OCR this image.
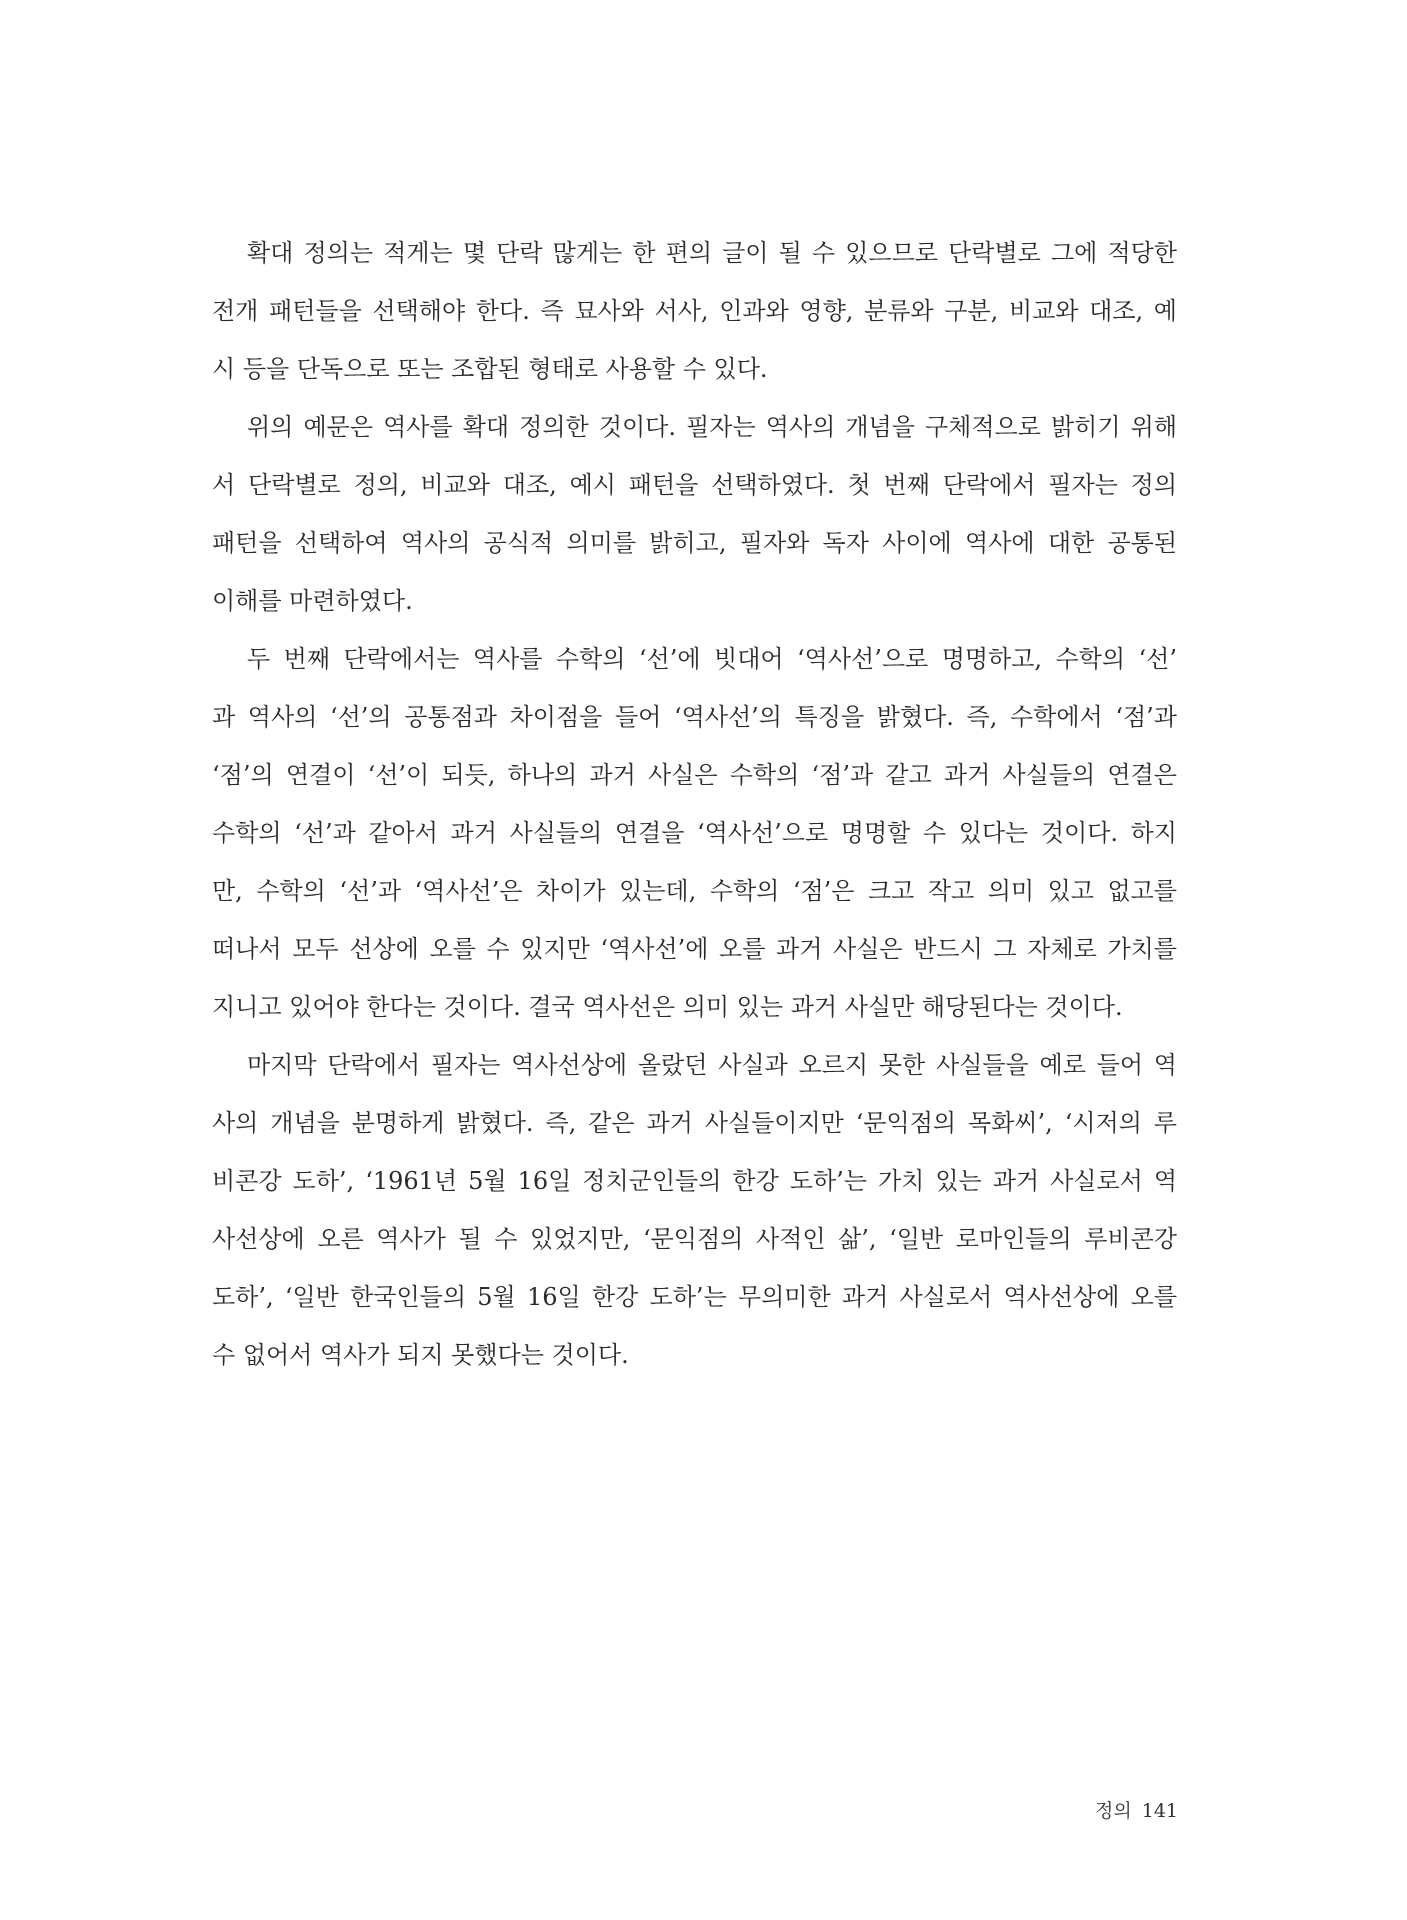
확대 정의는 적게는 몇 단락 많게는 한 편의 글이 될 수 있으므로 단락별로 그에 적당한
전개 패턴들을 선택해야 한다. 즉 묘사와 서사, 인과와 영향, 분류와 구분, 비교와 대조, 예
시 등을 단독으로 또는 조합된 형태로 사용할 수 있다.
위의 예문은 역사를 확대 정의한 것이다. 필자는 역사의 개념을 구체적으로 밝히기 위해
서 단락별로 정의, 비교와 대조, 예시 패턴을 선택하였다. 첫 번째 단락에서 필자는 정의
패턴을 선택하여 역사의 공식적 의미를 밝히고, 필자와 독자 사이에 역사에 대한 공통된
이해를 마련하였다.
두 번째 단락에서는 역사를 수학의 ‘선’에 빗대어 ‘역사선’으로 명명하고, 수학의 ‘선’
과 역사의 ‘선’의 공통점과 차이점을 들어 ‘역사선’의 특징을 밝혔다. 즉, 수학에서 ‘점’과
‘점’의 연결이 ‘선’이 되듯, 하나의 과거 사실은 수학의 ‘점’과 같고 과거 사실들의 연결은
수학의 ‘선’과 같아서 과거 사실들의 연결을 ‘역사선’으로 명명할 수 있다는 것이다. 하지
만, 수학의 ‘선’과 ‘역사선’은 차이가 있는데, 수학의 ‘점’은 크고 작고 의미 있고 없고를
떠나서 모두 선상에 오를 수 있지만 ‘역사선’에 오를 과거 사실은 반드시 그 자체로 가치를
지니고 있어야 한다는 것이다. 결국 역사선은 의미 있는 과거 사실만 해당된다는 것이다.
마지막 단락에서 필자는 역사선상에 올랐던 사실과 오르지 못한 사실들을 예로 들어 역
사의 개념을 분명하게 밝혔다. 즉, 같은 과거 사실들이지만 ‘문익점의 목화씨’, ‘시저의 루
비콘강 도하’, ‘1961년 5월 16일 정치군인들의 한강 도하’는 가치 있는 과거 사실로서 역
사선상에 오른 역사가 될 수 있었지만, ‘문익점의 사적인 삶’, ‘일반 로마인들의 루비콘강
도하’, ‘일반 한국인들의 5월 16일 한강 도하’는 무의미한 과거 사실로서 역사선상에 오를
수 없어서 역사가 되지 못했다는 것이다.
정의 141
